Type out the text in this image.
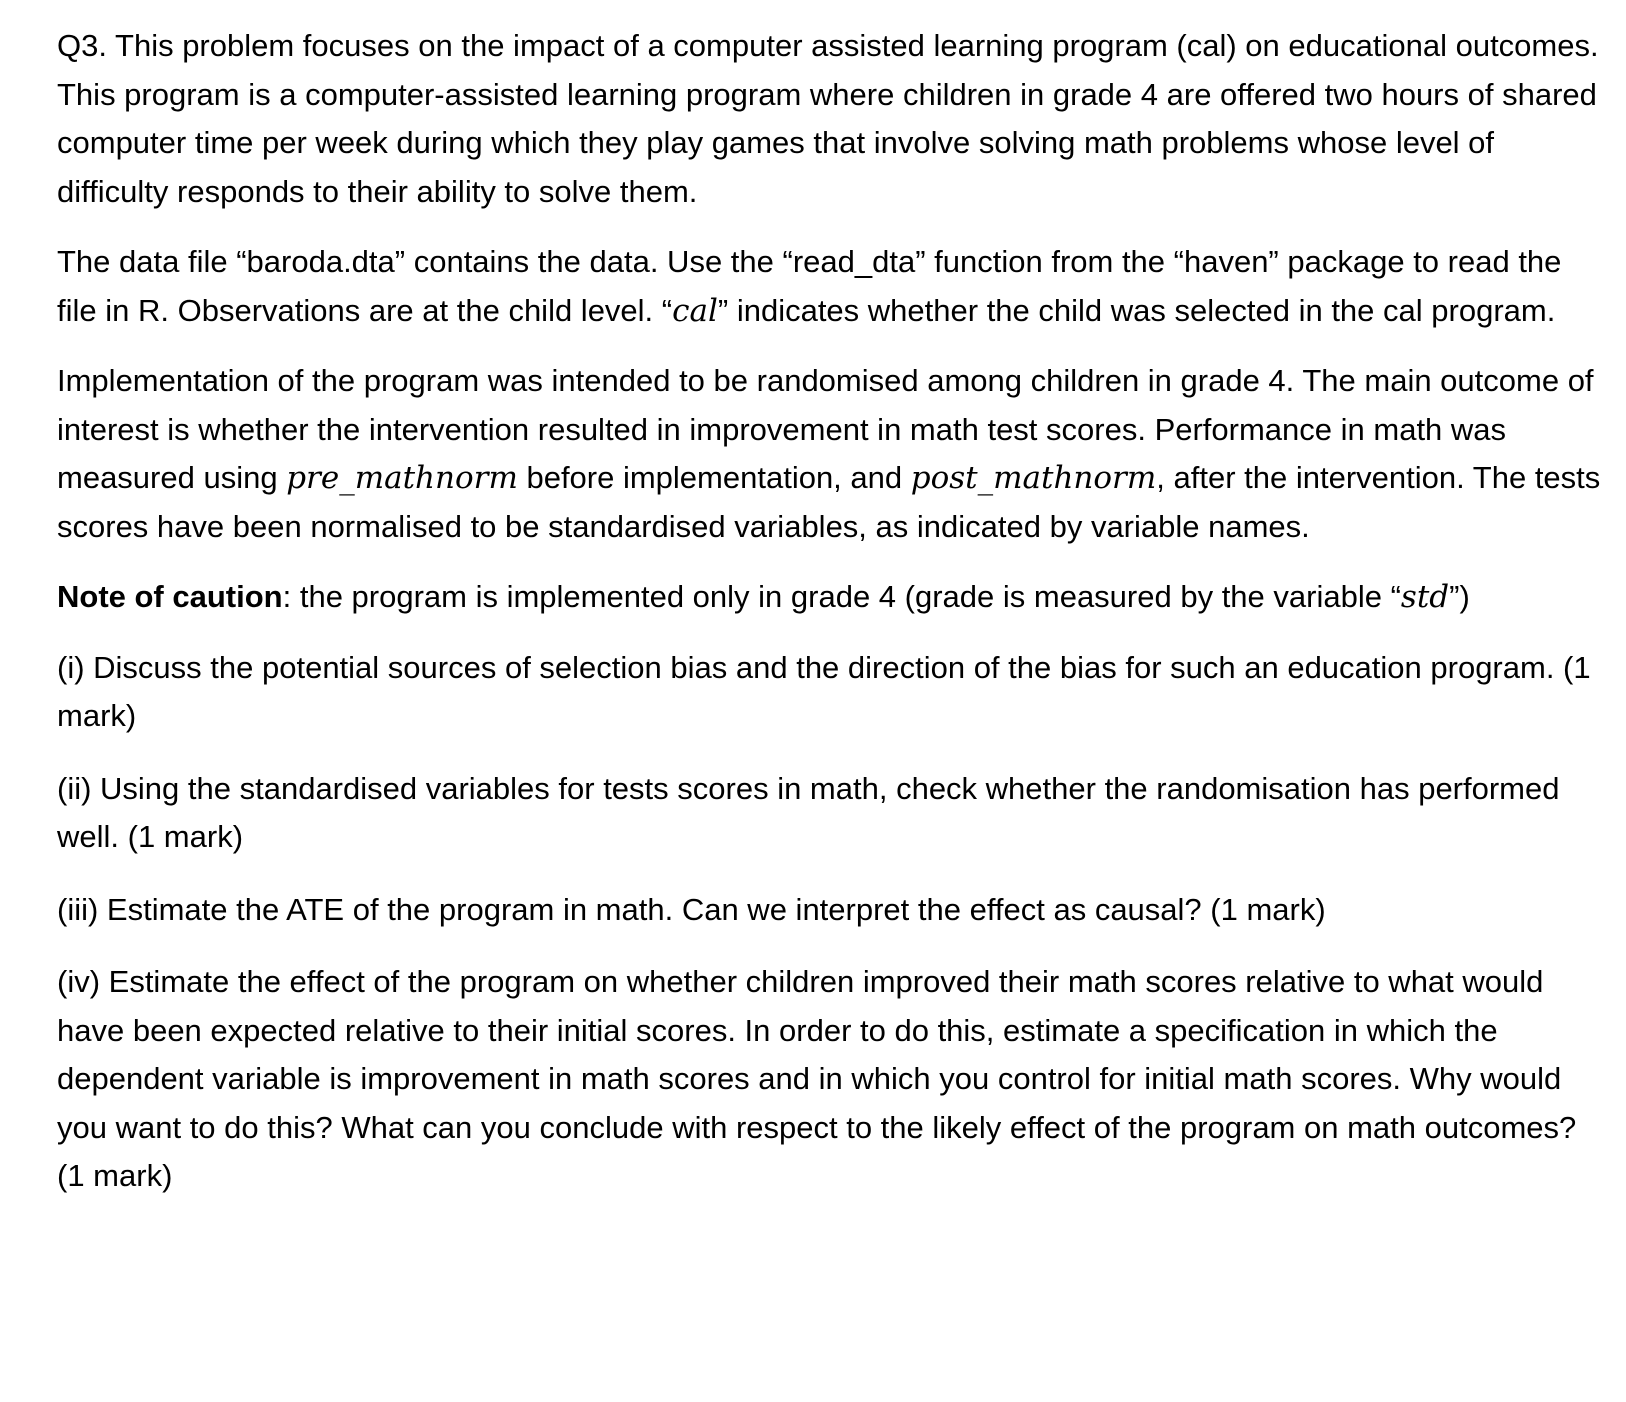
Q3. This problem focuses on the impact of a computer assisted learning program (cal) on educational outcomes. This program is a computer-assisted learning program where children in grade 4 are offered two hours of shared computer time per week during which they play games that involve solving math problems whose level of difficulty responds to their ability to solve them.

The data file “baroda.dta” contains the data. Use the “read_dta” function from the “haven” package to read the file in R. Observations are at the child level. “cal” indicates whether the child was selected in the cal program.

Implementation of the program was intended to be randomised among children in grade 4. The main outcome of interest is whether the intervention resulted in improvement in math test scores. Performance in math was measured using pre_mathnorm before implementation, and post_mathnorm, after the intervention. The tests scores have been normalised to be standardised variables, as indicated by variable names.

Note of caution: the program is implemented only in grade 4 (grade is measured by the variable “std”)

(i) Discuss the potential sources of selection bias and the direction of the bias for such an education program. (1 mark)

(ii) Using the standardised variables for tests scores in math, check whether the randomisation has performed well. (1 mark)

(iii) Estimate the ATE of the program in math. Can we interpret the effect as causal? (1 mark)

(iv) Estimate the effect of the program on whether children improved their math scores relative to what would have been expected relative to their initial scores. In order to do this, estimate a specification in which the dependent variable is improvement in math scores and in which you control for initial math scores. Why would you want to do this? What can you conclude with respect to the likely effect of the program on math outcomes? (1 mark)
